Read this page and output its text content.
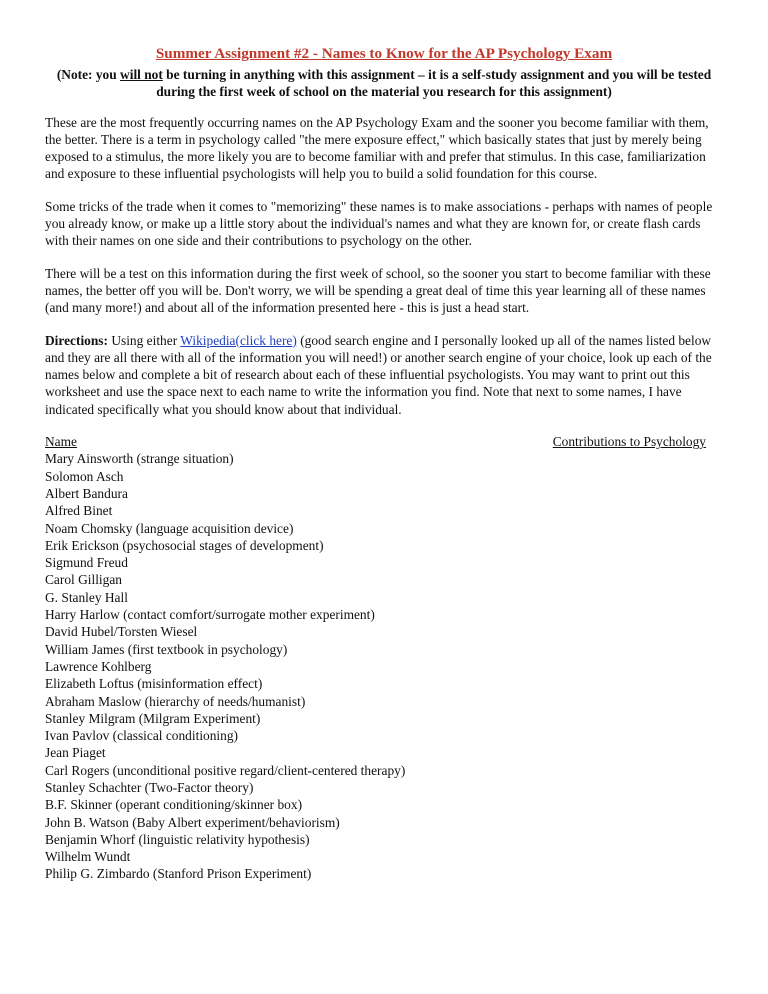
Summer Assignment #2 - Names to Know for the AP Psychology Exam
(Note: you will not be turning in anything with this assignment – it is a self-study assignment and you will be tested during the first week of school on the material you research for this assignment)

These are the most frequently occurring names on the AP Psychology Exam and the sooner you become familiar with them, the better. There is a term in psychology called "the mere exposure effect," which basically states that just by merely being exposed to a stimulus, the more likely you are to become familiar with and prefer that stimulus. In this case, familiarization and exposure to these influential psychologists will help you to build a solid foundation for this course.

Some tricks of the trade when it comes to "memorizing" these names is to make associations - perhaps with names of people you already know, or make up a little story about the individual's names and what they are known for, or create flash cards with their names on one side and their contributions to psychology on the other.

There will be a test on this information during the first week of school, so the sooner you start to become familiar with these names, the better off you will be. Don't worry, we will be spending a great deal of time this year learning all of these names (and many more!) and about all of the information presented here - this is just a head start.

Directions: Using either Wikipedia(click here) (good search engine and I personally looked up all of the names listed below and they are all there with all of the information you will need!) or another search engine of your choice, look up each of the names below and complete a bit of research about each of these influential psychologists. You may want to print out this worksheet and use the space next to each name to write the information you find. Note that next to some names, I have indicated specifically what you should know about that individual.

Name	Contributions to Psychology
Mary Ainsworth (strange situation)
Solomon Asch
Albert Bandura
Alfred Binet
Noam Chomsky (language acquisition device)
Erik Erickson (psychosocial stages of development)
Sigmund Freud
Carol Gilligan
G. Stanley Hall
Harry Harlow (contact comfort/surrogate mother experiment)
David Hubel/Torsten Wiesel
William James (first textbook in psychology)
Lawrence Kohlberg
Elizabeth Loftus (misinformation effect)
Abraham Maslow (hierarchy of needs/humanist)
Stanley Milgram (Milgram Experiment)
Ivan Pavlov (classical conditioning)
Jean Piaget
Carl Rogers (unconditional positive regard/client-centered therapy)
Stanley Schachter (Two-Factor theory)
B.F. Skinner (operant conditioning/skinner box)
John B. Watson (Baby Albert experiment/behaviorism)
Benjamin Whorf (linguistic relativity hypothesis)
Wilhelm Wundt
Philip G. Zimbardo (Stanford Prison Experiment)
